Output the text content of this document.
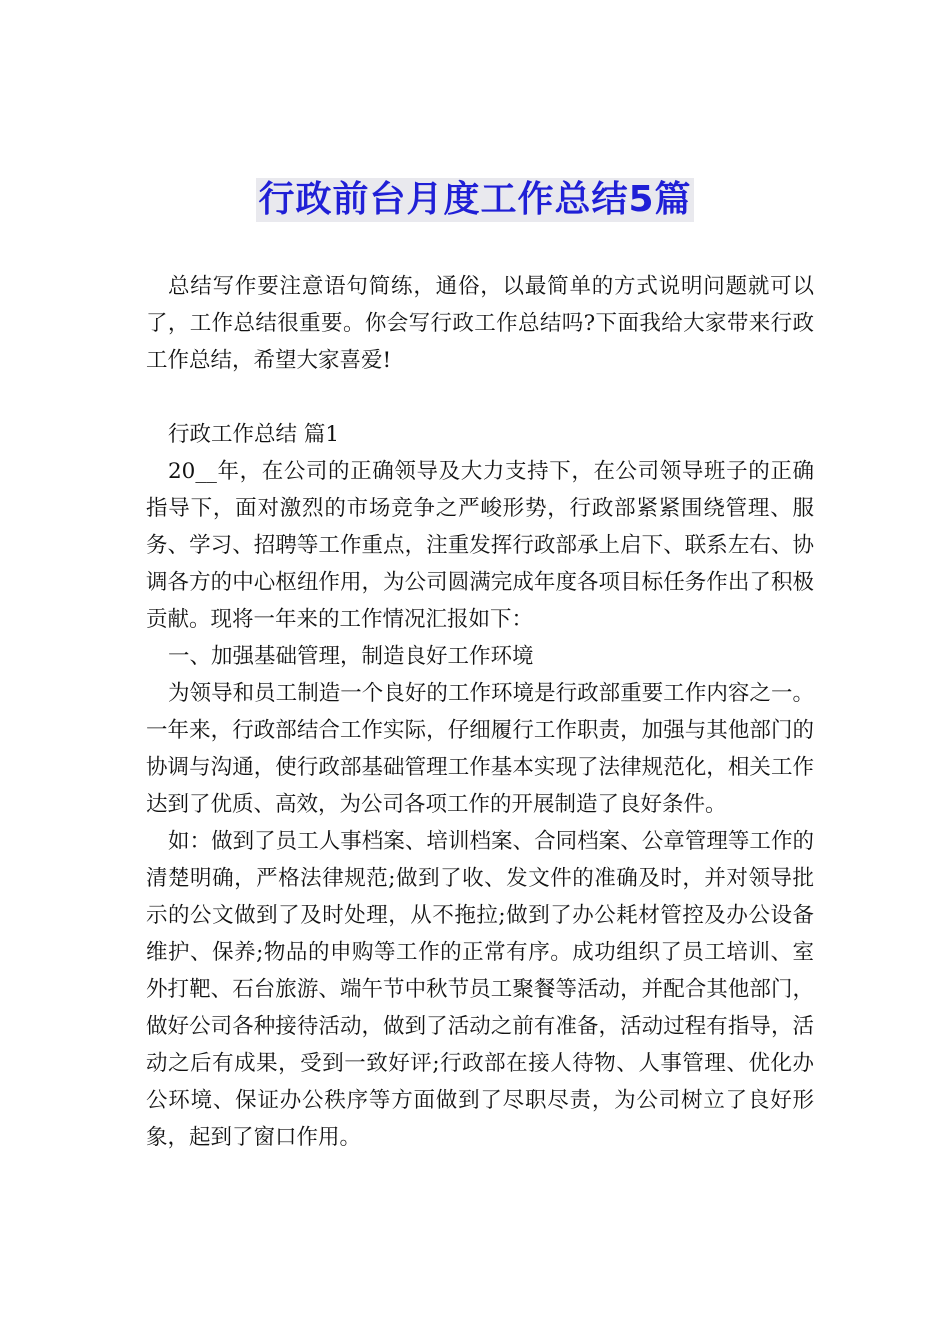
行政前台月度工作总结5篇

总结写作要注意语句简练，通俗，以最简单的方式说明问题就可以了，工作总结很重要。你会写行政工作总结吗?下面我给大家带来行政工作总结，希望大家喜爱!

行政工作总结 篇1

20__年，在公司的正确领导及大力支持下，在公司领导班子的正确指导下，面对激烈的市场竞争之严峻形势，行政部紧紧围绕管理、服务、学习、招聘等工作重点，注重发挥行政部承上启下、联系左右、协调各方的中心枢纽作用，为公司圆满完成年度各项目标任务作出了积极贡献。现将一年来的工作情况汇报如下：

一、加强基础管理，制造良好工作环境

为领导和员工制造一个良好的工作环境是行政部重要工作内容之一。一年来，行政部结合工作实际，仔细履行工作职责，加强与其他部门的协调与沟通，使行政部基础管理工作基本实现了法律规范化，相关工作达到了优质、高效，为公司各项工作的开展制造了良好条件。

如：做到了员工人事档案、培训档案、合同档案、公章管理等工作的清楚明确，严格法律规范;做到了收、发文件的准确及时，并对领导批示的公文做到了及时处理，从不拖拉;做到了办公耗材管控及办公设备维护、保养;物品的申购等工作的正常有序。成功组织了员工培训、室外打靶、石台旅游、端午节中秋节员工聚餐等活动，并配合其他部门，做好公司各种接待活动，做到了活动之前有准备，活动过程有指导，活动之后有成果，受到一致好评;行政部在接人待物、人事管理、优化办公环境、保证办公秩序等方面做到了尽职尽责，为公司树立了良好形象，起到了窗口作用。
